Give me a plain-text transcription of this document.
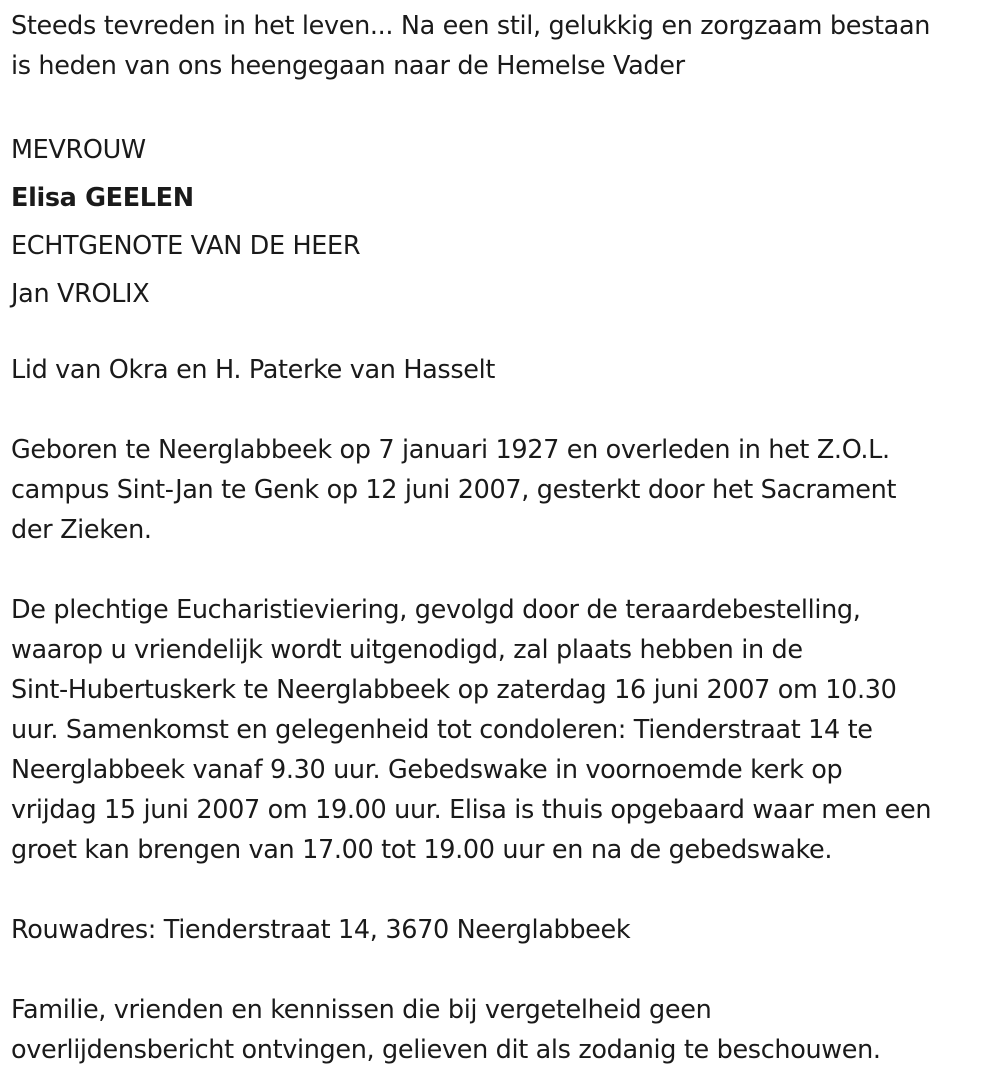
Steeds tevreden in het leven... Na een stil, gelukkig en zorgzaam bestaan
is heden van ons heengegaan naar de Hemelse Vader
MEVROUW
Elisa GEELEN
ECHTGENOTE VAN DE HEER
Jan VROLIX
Lid van Okra en H. Paterke van Hasselt
Geboren te Neerglabbeek op 7 januari 1927 en overleden in het Z.O.L.
campus Sint-Jan te Genk op 12 juni 2007, gesterkt door het Sacrament
der Zieken.
De plechtige Eucharistieviering, gevolgd door de teraardebestelling,
waarop u vriendelijk wordt uitgenodigd, zal plaats hebben in de
Sint-Hubertuskerk te Neerglabbeek op zaterdag 16 juni 2007 om 10.30
uur. Samenkomst en gelegenheid tot condoleren: Tienderstraat 14 te
Neerglabbeek vanaf 9.30 uur. Gebedswake in voornoemde kerk op
vrijdag 15 juni 2007 om 19.00 uur. Elisa is thuis opgebaard waar men een
groet kan brengen van 17.00 tot 19.00 uur en na de gebedswake.
Rouwadres: Tienderstraat 14, 3670 Neerglabbeek
Familie, vrienden en kennissen die bij vergetelheid geen
overlijdensbericht ontvingen, gelieven dit als zodanig te beschouwen.
